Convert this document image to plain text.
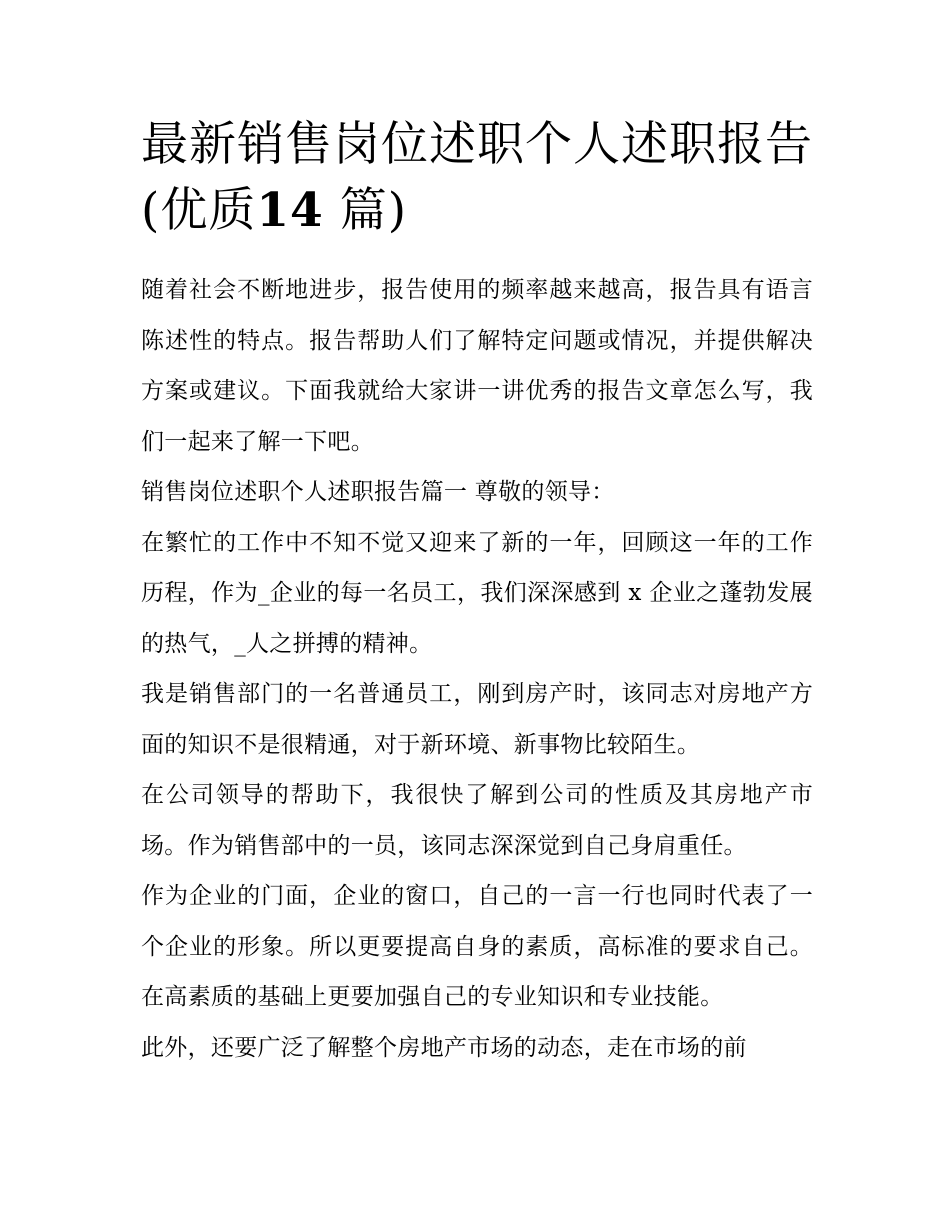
最新销售岗位述职个人述职报告(优质14 篇)

随着社会不断地进步，报告使用的频率越来越高，报告具有语言陈述性的特点。报告帮助人们了解特定问题或情况，并提供解决方案或建议。下面我就给大家讲一讲优秀的报告文章怎么写，我们一起来了解一下吧。

销售岗位述职个人述职报告篇一 尊敬的领导：

在繁忙的工作中不知不觉又迎来了新的一年，回顾这一年的工作历程，作为_企业的每一名员工，我们深深感到 x 企业之蓬勃发展的热气，_人之拼搏的精神。

我是销售部门的一名普通员工，刚到房产时，该同志对房地产方面的知识不是很精通，对于新环境、新事物比较陌生。

在公司领导的帮助下，我很快了解到公司的性质及其房地产市场。作为销售部中的一员，该同志深深觉到自己身肩重任。

作为企业的门面，企业的窗口，自己的一言一行也同时代表了一个企业的形象。所以更要提高自身的素质，高标准的要求自己。在高素质的基础上更要加强自己的专业知识和专业技能。

此外，还要广泛了解整个房地产市场的动态，走在市场的前
